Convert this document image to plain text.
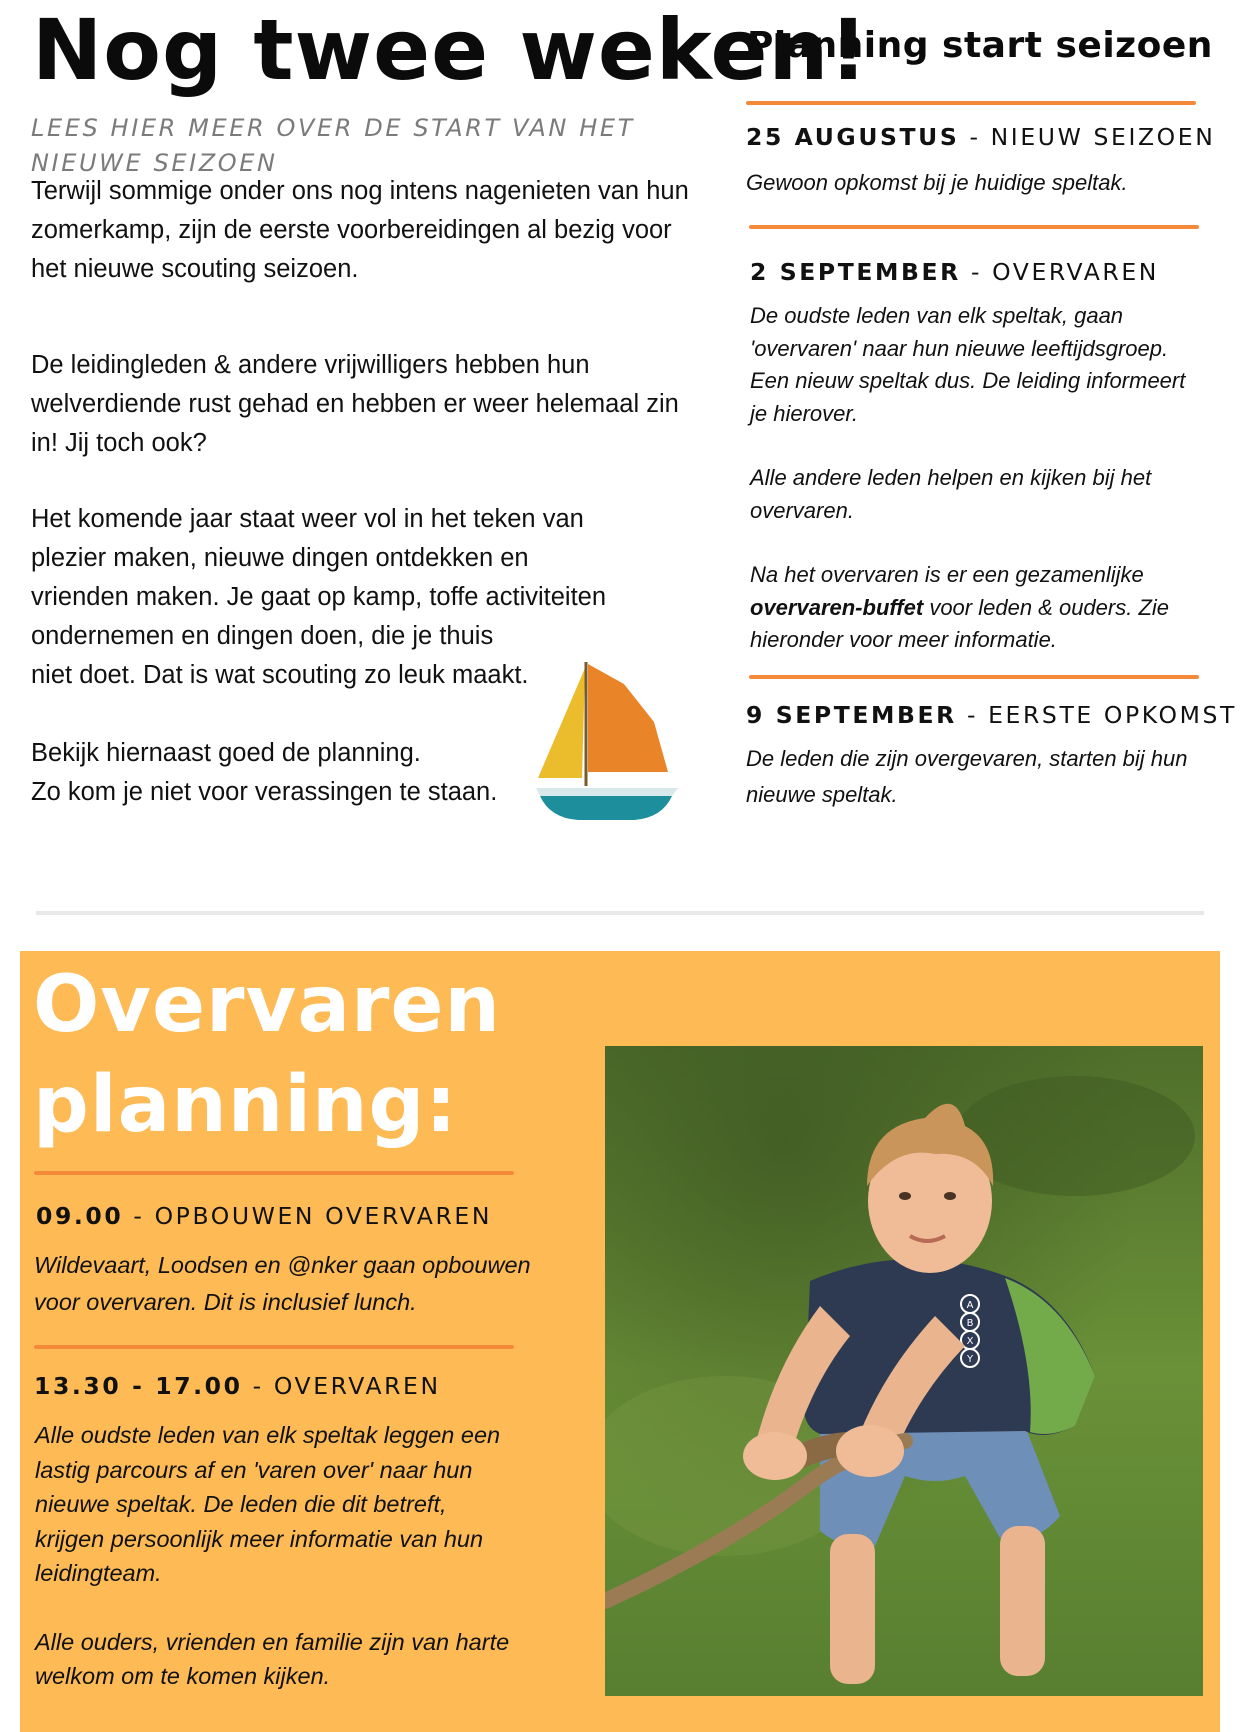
Nog twee weken!
LEES HIER MEER OVER DE START VAN HET NIEUWE SEIZOEN

Terwijl sommige onder ons nog intens nagenieten van hun
zomerkamp, zijn de eerste voorbereidingen al bezig voor
het nieuwe scouting seizoen.

De leidingleden & andere vrijwilligers hebben hun
welverdiende rust gehad en hebben er weer helemaal zin
in! Jij toch ook?

Het komende jaar staat weer vol in het teken van
plezier maken, nieuwe dingen ontdekken en
vrienden maken. Je gaat op kamp, toffe activiteiten
ondernemen en dingen doen, die je thuis
niet doet. Dat is wat scouting zo leuk maakt.

Bekijk hiernaast goed de planning.
Zo kom je niet voor verassingen te staan.

Planning start seizoen
25 AUGUSTUS - NIEUW SEIZOEN

Gewoon opkomst bij je huidige speltak.

2 SEPTEMBER - OVERVAREN

De oudste leden van elk speltak, gaan
'overvaren' naar hun nieuwe leeftijdsgroep.
Een nieuw speltak dus. De leiding informeert
je hierover.

Alle andere leden helpen en kijken bij het
overvaren.

Na het overvaren is er een gezamenlijke
overvaren-buffet voor leden & ouders. Zie
hieronder voor meer informatie.

9 SEPTEMBER - EERSTE OPKOMST

De leden die zijn overgevaren, starten bij hun
nieuwe speltak.

Overvaren
planning:
09.00 - OPBOUWEN OVERVAREN

Wildevaart, Loodsen en @nker gaan opbouwen
voor overvaren. Dit is inclusief lunch.

13.30 - 17.00 - OVERVAREN

Alle oudste leden van elk speltak leggen een
lastig parcours af en 'varen over' naar hun
nieuwe speltak. De leden die dit betreft,
krijgen persoonlijk meer informatie van hun
leidingteam.

Alle ouders, vrienden en familie zijn van harte
welkom om te komen kijken.

A
B
X
Y
